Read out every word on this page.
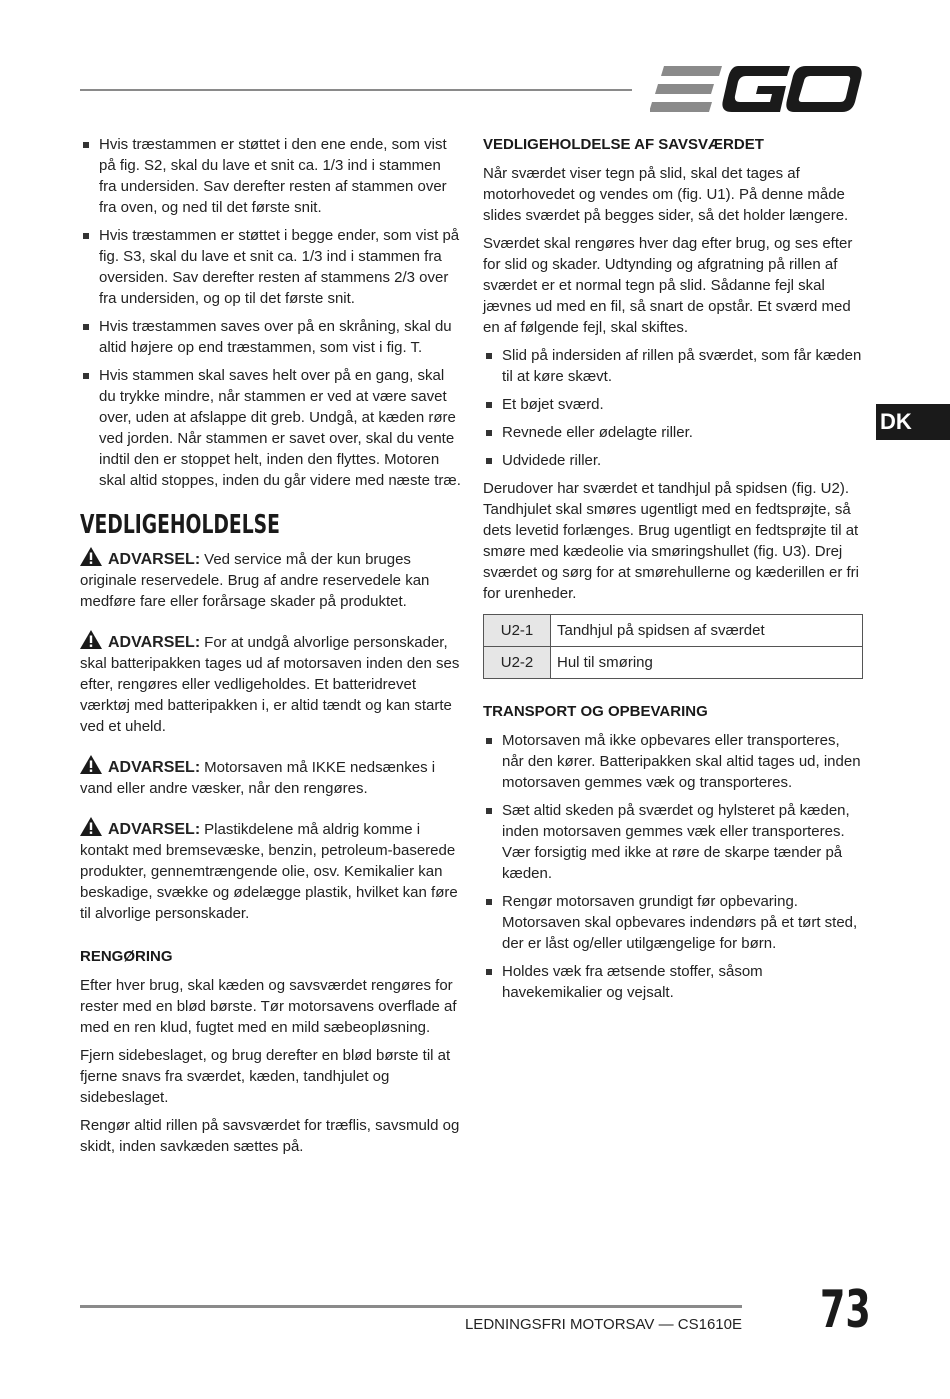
Hvis træstammen er støttet i den ene ende, som vist på fig. S2, skal du lave et snit ca. 1/3 ind i stammen fra undersiden. Sav derefter resten af stammen over fra oven, og ned til det første snit.
Hvis træstammen er støttet i begge ender, som vist på fig. S3, skal du lave et snit ca. 1/3 ind i stammen fra oversiden. Sav derefter resten af stammens 2/3 over fra undersiden, og op til det første snit.
Hvis træstammen saves over på en skråning, skal du altid højere op end træstammen, som vist i fig. T.
Hvis stammen skal saves helt over på en gang, skal du trykke mindre, når stammen er ved at være savet over, uden at afslappe dit greb. Undgå, at kæden røre ved jorden. Når stammen er savet over, skal du vente indtil den er stoppet helt, inden den flyttes. Motoren skal altid stoppes, inden du går videre med næste træ.
VEDLIGEHOLDELSE
ADVARSEL: Ved service må der kun bruges originale reservedele. Brug af andre reservedele kan medføre fare eller forårsage skader på produktet.
ADVARSEL: For at undgå alvorlige personskader, skal batteripakken tages ud af motorsaven inden den ses efter, rengøres eller vedligeholdes. Et batteridrevet værktøj med batteripakken i, er altid tændt og kan starte ved et uheld.
ADVARSEL: Motorsaven må IKKE nedsænkes i vand eller andre væsker, når den rengøres.
ADVARSEL: Plastikdelene må aldrig komme i kontakt med bremsevæske, benzin, petroleum-baserede produkter, gennemtrængende olie, osv. Kemikalier kan beskadige, svække og ødelægge plastik, hvilket kan føre til alvorlige personskader.
RENGØRING

Efter hver brug, skal kæden og savsværdet rengøres for rester med en blød børste. Tør motorsavens overflade af med en ren klud, fugtet med en mild sæbeopløsning.

Fjern sidebeslaget, og brug derefter en blød børste til at fjerne snavs fra sværdet, kæden, tandhjulet og sidebeslaget.

Rengør altid rillen på savsværdet for træflis, savsmuld og skidt, inden savkæden sættes på.

VEDLIGEHOLDELSE AF SAVSVÆRDET

Når sværdet viser tegn på slid, skal det tages af motorhovedet og vendes om (fig. U1). På denne måde slides sværdet på begges sider, så det holder længere.

Sværdet skal rengøres hver dag efter brug, og ses efter for slid og skader. Udtynding og afgratning på rillen af sværdet er et normal tegn på slid. Sådanne fejl skal jævnes ud med en fil, så snart de opstår. Et sværd med en af følgende fejl, skal skiftes.

Slid på indersiden af rillen på sværdet, som får kæden til at køre skævt.
Et bøjet sværd.
Revnede eller ødelagte riller.
Udvidede riller.

Derudover har sværdet et tandhjul på spidsen (fig. U2). Tandhjulet skal smøres ugentligt med en fedtsprøjte, så dets levetid forlænges. Brug ugentligt en fedtsprøjte til at smøre med kædeolie via smøringshullet (fig. U3). Drej sværdet og sørg for at smørehullerne og kæderillen er fri for urenheder.

U2-1	Tandhjul på spidsen af sværdet
U2-2	Hul til smøring
TRANSPORT OG OPBEVARING
Motorsaven må ikke opbevares eller transporteres, når den kører. Batteripakken skal altid tages ud, inden motorsaven gemmes væk og transporteres.
Sæt altid skeden på sværdet og hylsteret på kæden, inden motorsaven gemmes væk eller transporteres. Vær forsigtig med ikke at røre de skarpe tænder på kæden.
Rengør motorsaven grundigt før opbevaring. Motorsaven skal opbevares indendørs på et tørt sted, der er låst og/eller utilgængelige for børn.
Holdes væk fra ætsende stoffer, såsom havekemikalier og vejsalt.
DK
LEDNINGSFRI MOTORSAV — CS1610E 73
